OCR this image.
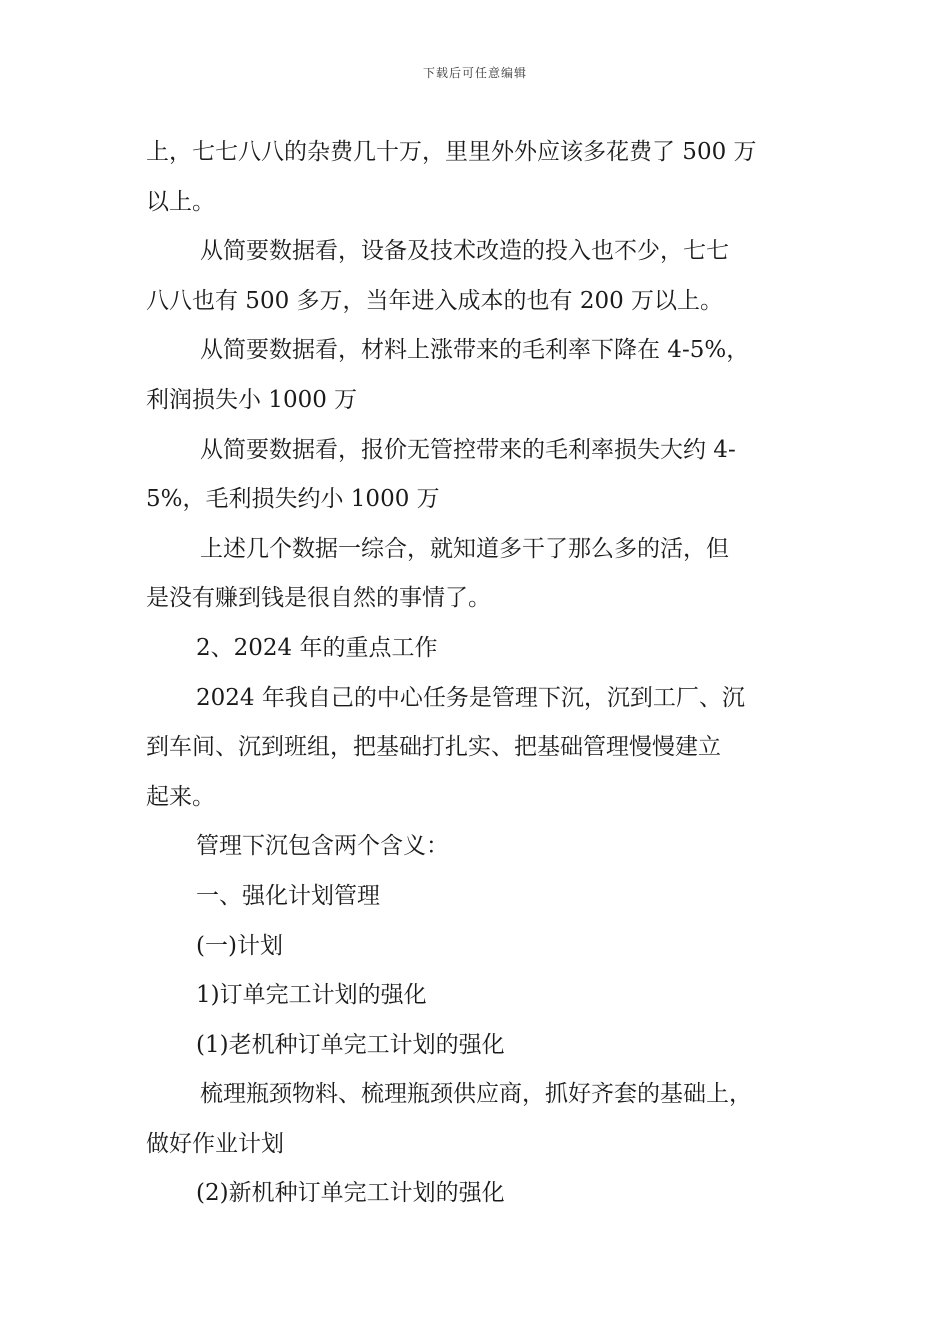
下载后可任意编辑
上，七七八八的杂费几十万，里里外外应该多花费了 500 万
以上。
从简要数据看，设备及技术改造的投入也不少，七七
八八也有 500 多万，当年进入成本的也有 200 万以上。
从简要数据看，材料上涨带来的毛利率下降在 4-5%，
利润损失小 1000 万
从简要数据看，报价无管控带来的毛利率损失大约 4-
5%，毛利损失约小 1000 万
上述几个数据一综合，就知道多干了那么多的活，但
是没有赚到钱是很自然的事情了。
2、2024 年的重点工作
2024 年我自己的中心任务是管理下沉，沉到工厂、沉
到车间、沉到班组，把基础打扎实、把基础管理慢慢建立
起来。
管理下沉包含两个含义：
一、强化计划管理
(一)计划
1)订单完工计划的强化
(1)老机种订单完工计划的强化
梳理瓶颈物料、梳理瓶颈供应商，抓好齐套的基础上，
做好作业计划
(2)新机种订单完工计划的强化
